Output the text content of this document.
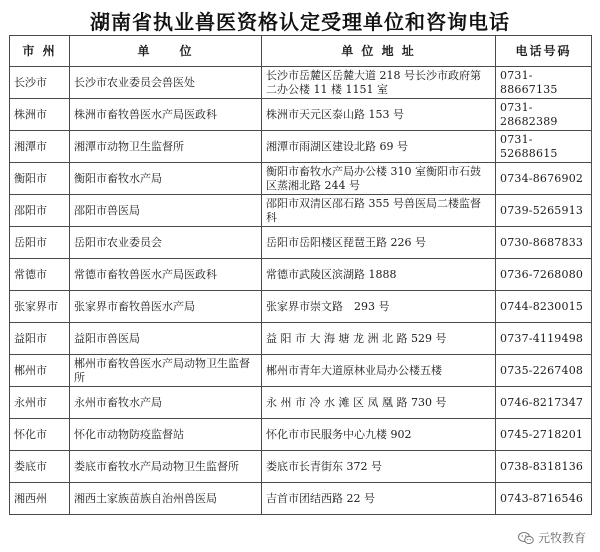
湖南省执业兽医资格认定受理单位和咨询电话
市 州	单　　位	单 位 地 址	电话号码
长沙市	长沙市农业委员会兽医处	长沙市岳麓区岳麓大道 218 号长沙市政府第二办公楼 11 楼 1151 室	0731-88667135
株洲市	株洲市畜牧兽医水产局医政科	株洲市天元区泰山路 153 号	0731-28682389
湘潭市	湘潭市动物卫生监督所	湘潭市雨湖区建设北路 69 号	0731-52688615
衡阳市	衡阳市畜牧水产局	衡阳市畜牧水产局办公楼 310 室衡阳市石鼓区蒸湘北路 244 号	0734-8676902
邵阳市	邵阳市兽医局	邵阳市双清区邵石路 355 号兽医局二楼监督科	0739-5265913
岳阳市	岳阳市农业委员会	岳阳市岳阳楼区琵琶王路 226 号	0730-8687833
常德市	常德市畜牧兽医水产局医政科	常德市武陵区滨湖路 1888	0736-7268080
张家界市	张家界市畜牧兽医水产局	张家界市崇文路　293 号	0744-8230015
益阳市	益阳市兽医局	益 阳 市 大 海 塘 龙 洲 北 路 529 号	0737-4119498
郴州市	郴州市畜牧兽医水产局动物卫生监督所	郴州市青年大道原林业局办公楼五楼	0735-2267408
永州市	永州市畜牧水产局	永 州 市 冷 水 滩 区 凤 凰 路 730 号	0746-8217347
怀化市	怀化市动物防疫监督站	怀化市市民服务中心九楼 902	0745-2718201
娄底市	娄底市畜牧水产局动物卫生监督所	娄底市长青街东 372 号	0738-8318136
湘西州	湘西土家族苗族自治州兽医局	吉首市团结西路 22 号	0743-8716546
元牧教育
